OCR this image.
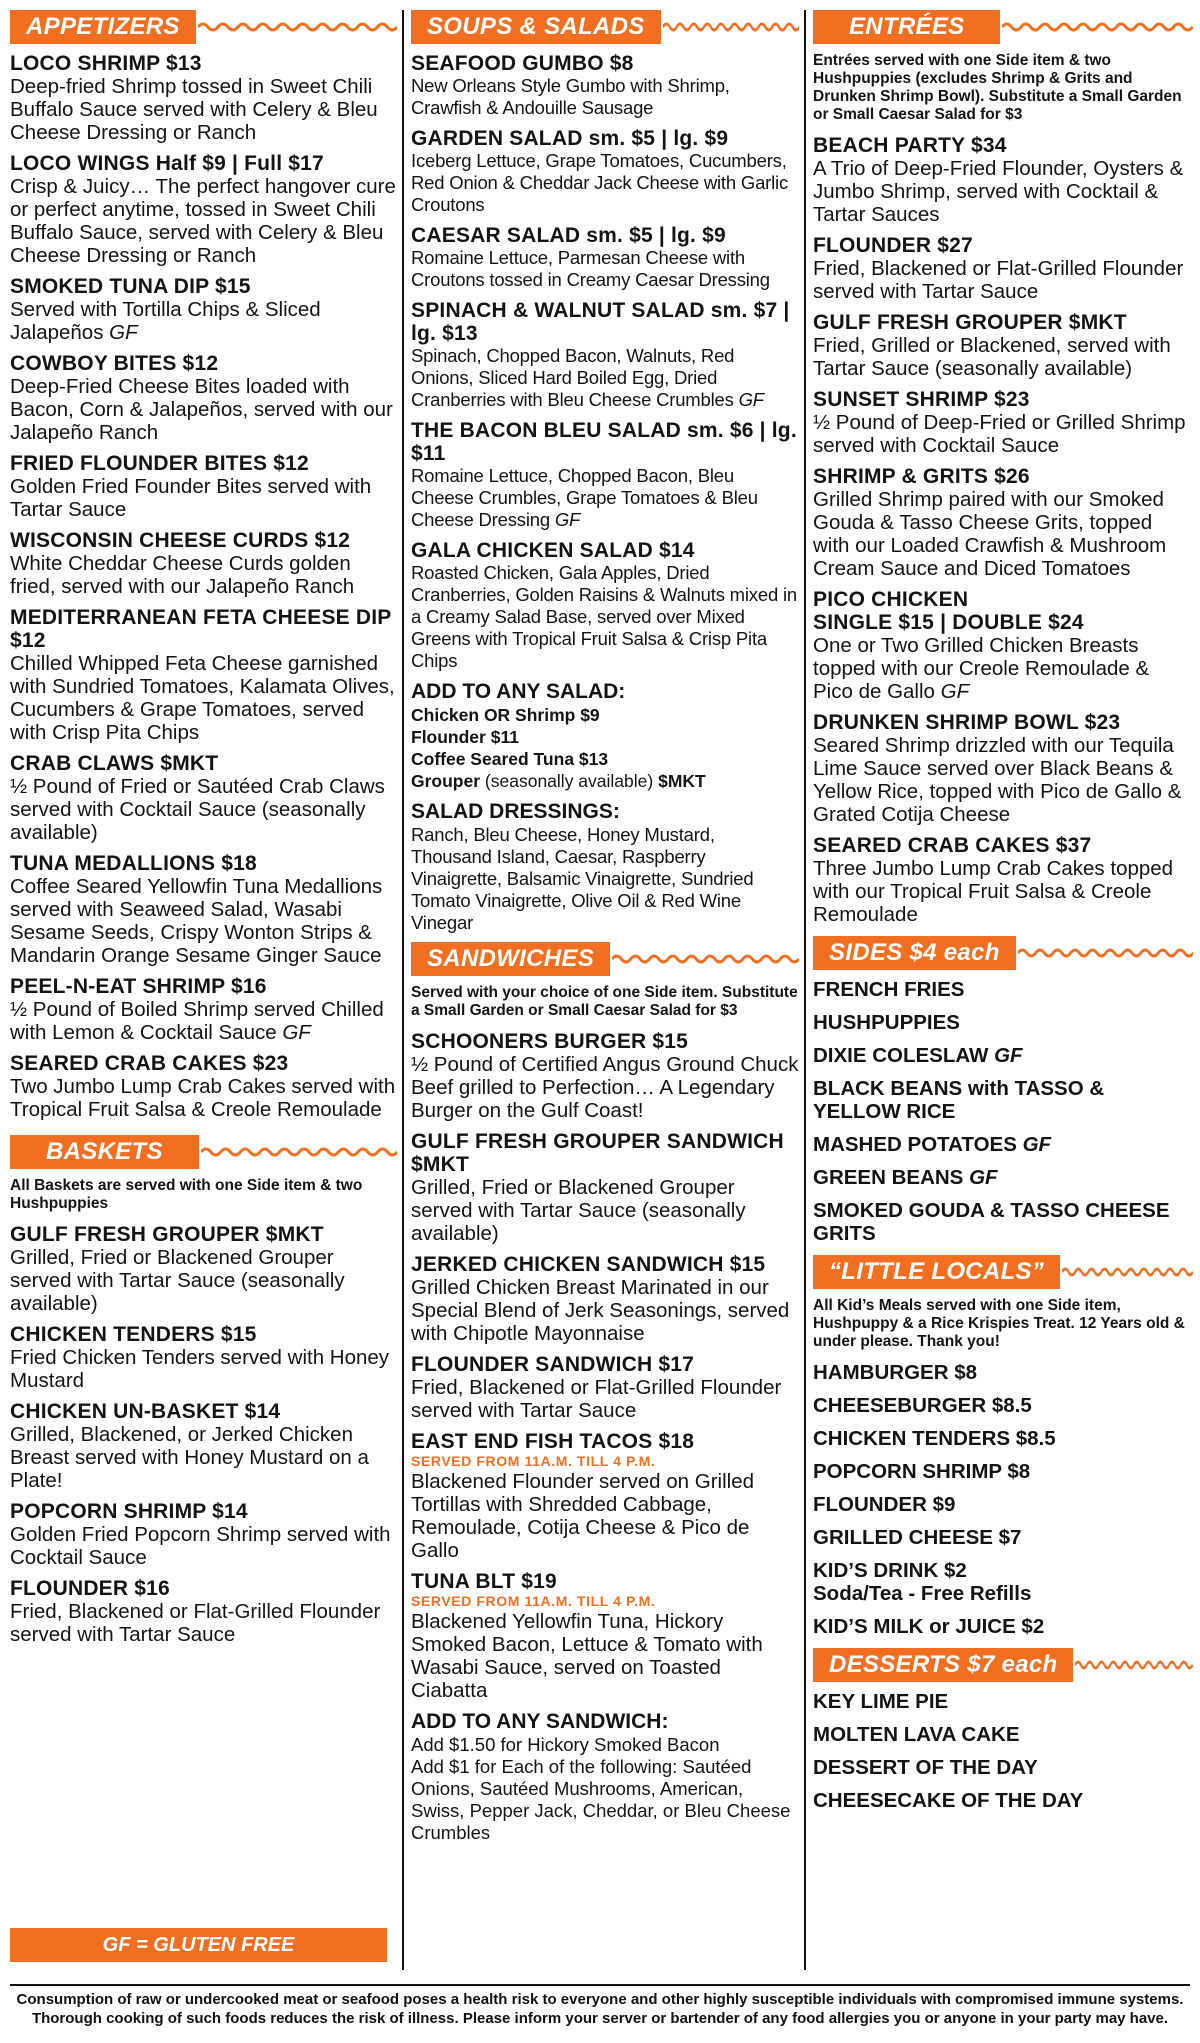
APPETIZERS
LOCO SHRIMP $13
Deep-fried Shrimp tossed in Sweet Chili Buffalo Sauce served with Celery & Bleu Cheese Dressing or Ranch
LOCO WINGS Half $9 | Full $17
Crisp & Juicy… The perfect hangover cure or perfect anytime, tossed in Sweet Chili Buffalo Sauce, served with Celery & Bleu Cheese Dressing or Ranch
SMOKED TUNA DIP $15
Served with Tortilla Chips & Sliced Jalapeños GF
COWBOY BITES $12
Deep-Fried Cheese Bites loaded with Bacon, Corn & Jalapeños, served with our Jalapeño Ranch
FRIED FLOUNDER BITES $12
Golden Fried Founder Bites served with Tartar Sauce
WISCONSIN CHEESE CURDS $12
White Cheddar Cheese Curds golden fried, served with our Jalapeño Ranch
MEDITERRANEAN FETA CHEESE DIP $12
Chilled Whipped Feta Cheese garnished with Sundried Tomatoes, Kalamata Olives, Cucumbers & Grape Tomatoes, served with Crisp Pita Chips
CRAB CLAWS $MKT
½ Pound of Fried or Sautéed Crab Claws served with Cocktail Sauce (seasonally available)
TUNA MEDALLIONS $18
Coffee Seared Yellowfin Tuna Medallions served with Seaweed Salad, Wasabi Sesame Seeds, Crispy Wonton Strips & Mandarin Orange Sesame Ginger Sauce
PEEL-N-EAT SHRIMP $16
½ Pound of Boiled Shrimp served Chilled with Lemon & Cocktail Sauce GF
SEARED CRAB CAKES $23
Two Jumbo Lump Crab Cakes served with Tropical Fruit Salsa & Creole Remoulade
BASKETS
All Baskets are served with one Side item & two Hushpuppies
GULF FRESH GROUPER $MKT
Grilled, Fried or Blackened Grouper served with Tartar Sauce (seasonally available)
CHICKEN TENDERS $15
Fried Chicken Tenders served with Honey Mustard
CHICKEN UN-BASKET $14
Grilled, Blackened, or Jerked Chicken Breast served with Honey Mustard on a Plate!
POPCORN SHRIMP $14
Golden Fried Popcorn Shrimp served with Cocktail Sauce
FLOUNDER $16
Fried, Blackened or Flat-Grilled Flounder served with Tartar Sauce
GF = GLUTEN FREE
SOUPS & SALADS
SEAFOOD GUMBO $8
New Orleans Style Gumbo with Shrimp, Crawfish & Andouille Sausage
GARDEN SALAD sm. $5 | lg. $9
Iceberg Lettuce, Grape Tomatoes, Cucumbers, Red Onion & Cheddar Jack Cheese with Garlic Croutons
CAESAR SALAD sm. $5 | lg. $9
Romaine Lettuce, Parmesan Cheese with Croutons tossed in Creamy Caesar Dressing
SPINACH & WALNUT SALAD sm. $7 | lg. $13
Spinach, Chopped Bacon, Walnuts, Red Onions, Sliced Hard Boiled Egg, Dried Cranberries with Bleu Cheese Crumbles GF
THE BACON BLEU SALAD sm. $6 | lg. $11
Romaine Lettuce, Chopped Bacon, Bleu Cheese Crumbles, Grape Tomatoes & Bleu Cheese Dressing GF
GALA CHICKEN SALAD $14
Roasted Chicken, Gala Apples, Dried Cranberries, Golden Raisins & Walnuts mixed in a Creamy Salad Base, served over Mixed Greens with Tropical Fruit Salsa & Crisp Pita Chips
ADD TO ANY SALAD:
Chicken OR Shrimp $9
Flounder $11
Coffee Seared Tuna $13
Grouper (seasonally available) $MKT
SALAD DRESSINGS:
Ranch, Bleu Cheese, Honey Mustard, Thousand Island, Caesar, Raspberry Vinaigrette, Balsamic Vinaigrette, Sundried Tomato Vinaigrette, Olive Oil & Red Wine Vinegar
SANDWICHES
Served with your choice of one Side item. Substitute a Small Garden or Small Caesar Salad for $3
SCHOONERS BURGER $15
½ Pound of Certified Angus Ground Chuck Beef grilled to Perfection… A Legendary Burger on the Gulf Coast!
GULF FRESH GROUPER SANDWICH $MKT
Grilled, Fried or Blackened Grouper served with Tartar Sauce (seasonally available)
JERKED CHICKEN SANDWICH $15
Grilled Chicken Breast Marinated in our Special Blend of Jerk Seasonings, served with Chipotle Mayonnaise
FLOUNDER SANDWICH $17
Fried, Blackened or Flat-Grilled Flounder served with Tartar Sauce
EAST END FISH TACOS $18
SERVED FROM 11A.M. TILL 4 P.M.
Blackened Flounder served on Grilled Tortillas with Shredded Cabbage, Remoulade, Cotija Cheese & Pico de Gallo
TUNA BLT $19
SERVED FROM 11A.M. TILL 4 P.M.
Blackened Yellowfin Tuna, Hickory Smoked Bacon, Lettuce & Tomato with Wasabi Sauce, served on Toasted Ciabatta
ADD TO ANY SANDWICH:
Add $1.50 for Hickory Smoked Bacon
Add $1 for Each of the following: Sautéed Onions, Sautéed Mushrooms, American, Swiss, Pepper Jack, Cheddar, or Bleu Cheese Crumbles
ENTRÉES
Entrées served with one Side item & two Hushpuppies (excludes Shrimp & Grits and Drunken Shrimp Bowl). Substitute a Small Garden or Small Caesar Salad for $3
BEACH PARTY $34
A Trio of Deep-Fried Flounder, Oysters & Jumbo Shrimp, served with Cocktail & Tartar Sauces
FLOUNDER $27
Fried, Blackened or Flat-Grilled Flounder served with Tartar Sauce
GULF FRESH GROUPER $MKT
Fried, Grilled or Blackened, served with Tartar Sauce (seasonally available)
SUNSET SHRIMP $23
½ Pound of Deep-Fried or Grilled Shrimp served with Cocktail Sauce
SHRIMP & GRITS $26
Grilled Shrimp paired with our Smoked Gouda & Tasso Cheese Grits, topped with our Loaded Crawfish & Mushroom Cream Sauce and Diced Tomatoes
PICO CHICKEN
SINGLE $15 | DOUBLE $24
One or Two Grilled Chicken Breasts topped with our Creole Remoulade & Pico de Gallo GF
DRUNKEN SHRIMP BOWL $23
Seared Shrimp drizzled with our Tequila Lime Sauce served over Black Beans & Yellow Rice, topped with Pico de Gallo & Grated Cotija Cheese
SEARED CRAB CAKES $37
Three Jumbo Lump Crab Cakes topped with our Tropical Fruit Salsa & Creole Remoulade
SIDES $4 each
FRENCH FRIES
HUSHPUPPIES
DIXIE COLESLAW GF
BLACK BEANS with TASSO & YELLOW RICE
MASHED POTATOES GF
GREEN BEANS GF
SMOKED GOUDA & TASSO CHEESE GRITS
“LITTLE LOCALS”
All Kid’s Meals served with one Side item, Hushpuppy & a Rice Krispies Treat. 12 Years old & under please. Thank you!
HAMBURGER $8
CHEESEBURGER $8.5
CHICKEN TENDERS $8.5
POPCORN SHRIMP $8
FLOUNDER $9
GRILLED CHEESE $7
KID’S DRINK $2
Soda/Tea - Free Refills
KID’S MILK or JUICE $2
DESSERTS $7 each
KEY LIME PIE
MOLTEN LAVA CAKE
DESSERT OF THE DAY
CHEESECAKE OF THE DAY
Consumption of raw or undercooked meat or seafood poses a health risk to everyone and other highly susceptible individuals with compromised immune systems.
Thorough cooking of such foods reduces the risk of illness. Please inform your server or bartender of any food allergies you or anyone in your party may have.
